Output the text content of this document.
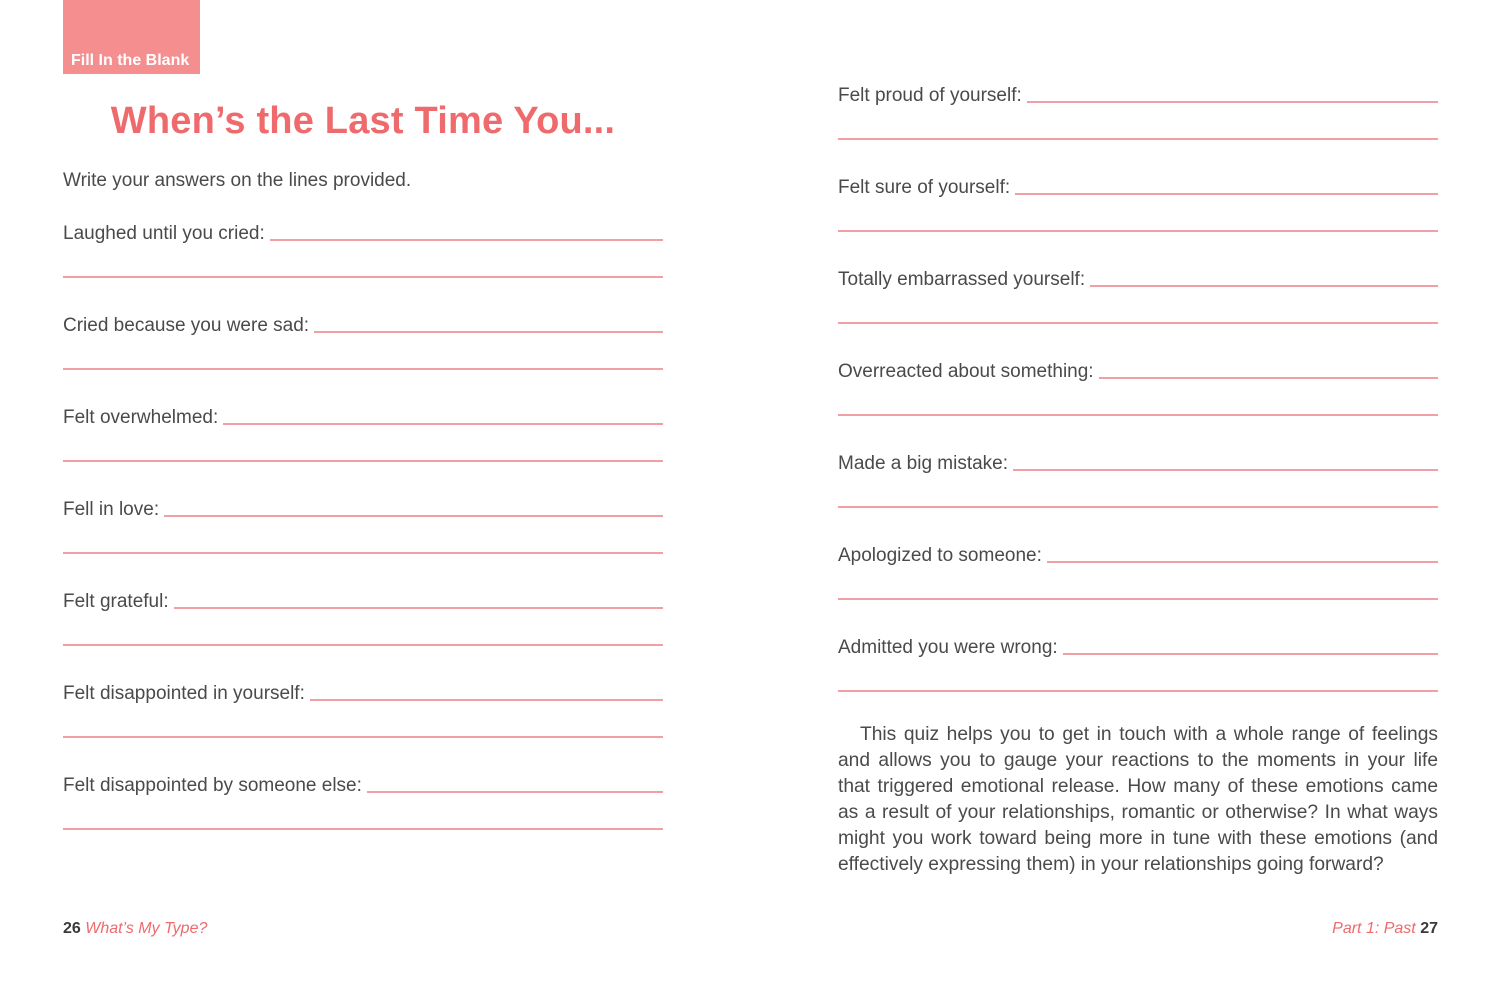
Fill In the Blank
When’s the Last Time You...

Write your answers on the lines provided.

Laughed until you cried:
Cried because you were sad:
Felt overwhelmed:
Fell in love:
Felt grateful:
Felt disappointed in yourself:
Felt disappointed by someone else:
Felt proud of yourself:
Felt sure of yourself:
Totally embarrassed yourself:
Overreacted about something:
Made a big mistake:
Apologized to someone:
Admitted you were wrong:

This quiz helps you to get in touch with a whole range of feelings and allows you to gauge your reactions to the moments in your life that triggered emotional release. How many of these emotions came as a result of your relationships, romantic or otherwise? In what ways might you work toward being more in tune with these emotions (and effectively expressing them) in your relationships going forward?

26 What’s My Type?	Part 1: Past 27
